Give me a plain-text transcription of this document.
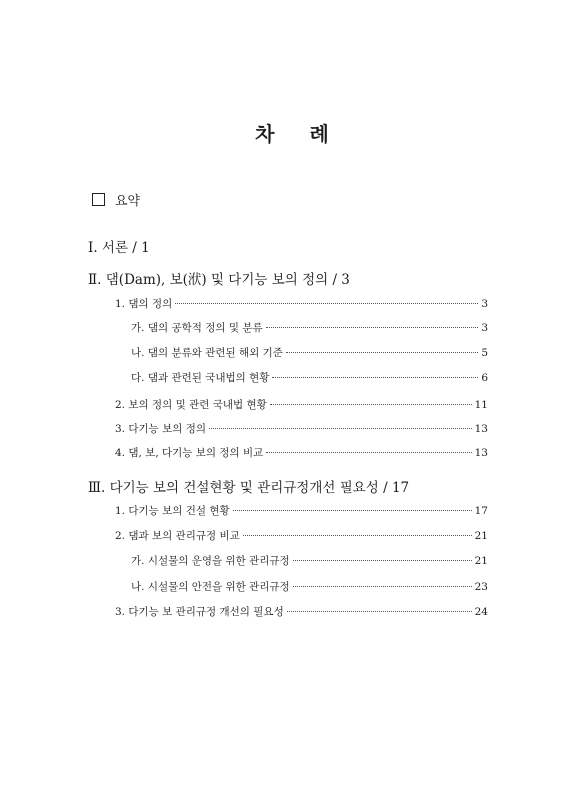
차 례
요약
Ⅰ. 서론 / 1
Ⅱ. 댐(Dam), 보(洑) 및 다기능 보의 정의 / 3
1. 댐의 정의	3
가. 댐의 공학적 정의 및 분류	3
나. 댐의 분류와 관련된 해외 기준	5
다. 댐과 관련된 국내법의 현황	6
2. 보의 정의 및 관련 국내법 현황	11
3. 다기능 보의 정의	13
4. 댐, 보, 다기능 보의 정의 비교	13
Ⅲ. 다기능 보의 건설현황 및 관리규정개선 필요성 / 17
1. 다기능 보의 건설 현황	17
2. 댐과 보의 관리규정 비교	21
가. 시설물의 운영을 위한 관리규정	21
나. 시설물의 안전을 위한 관리규정	23
3. 다기능 보 관리규정 개선의 필요성	24
